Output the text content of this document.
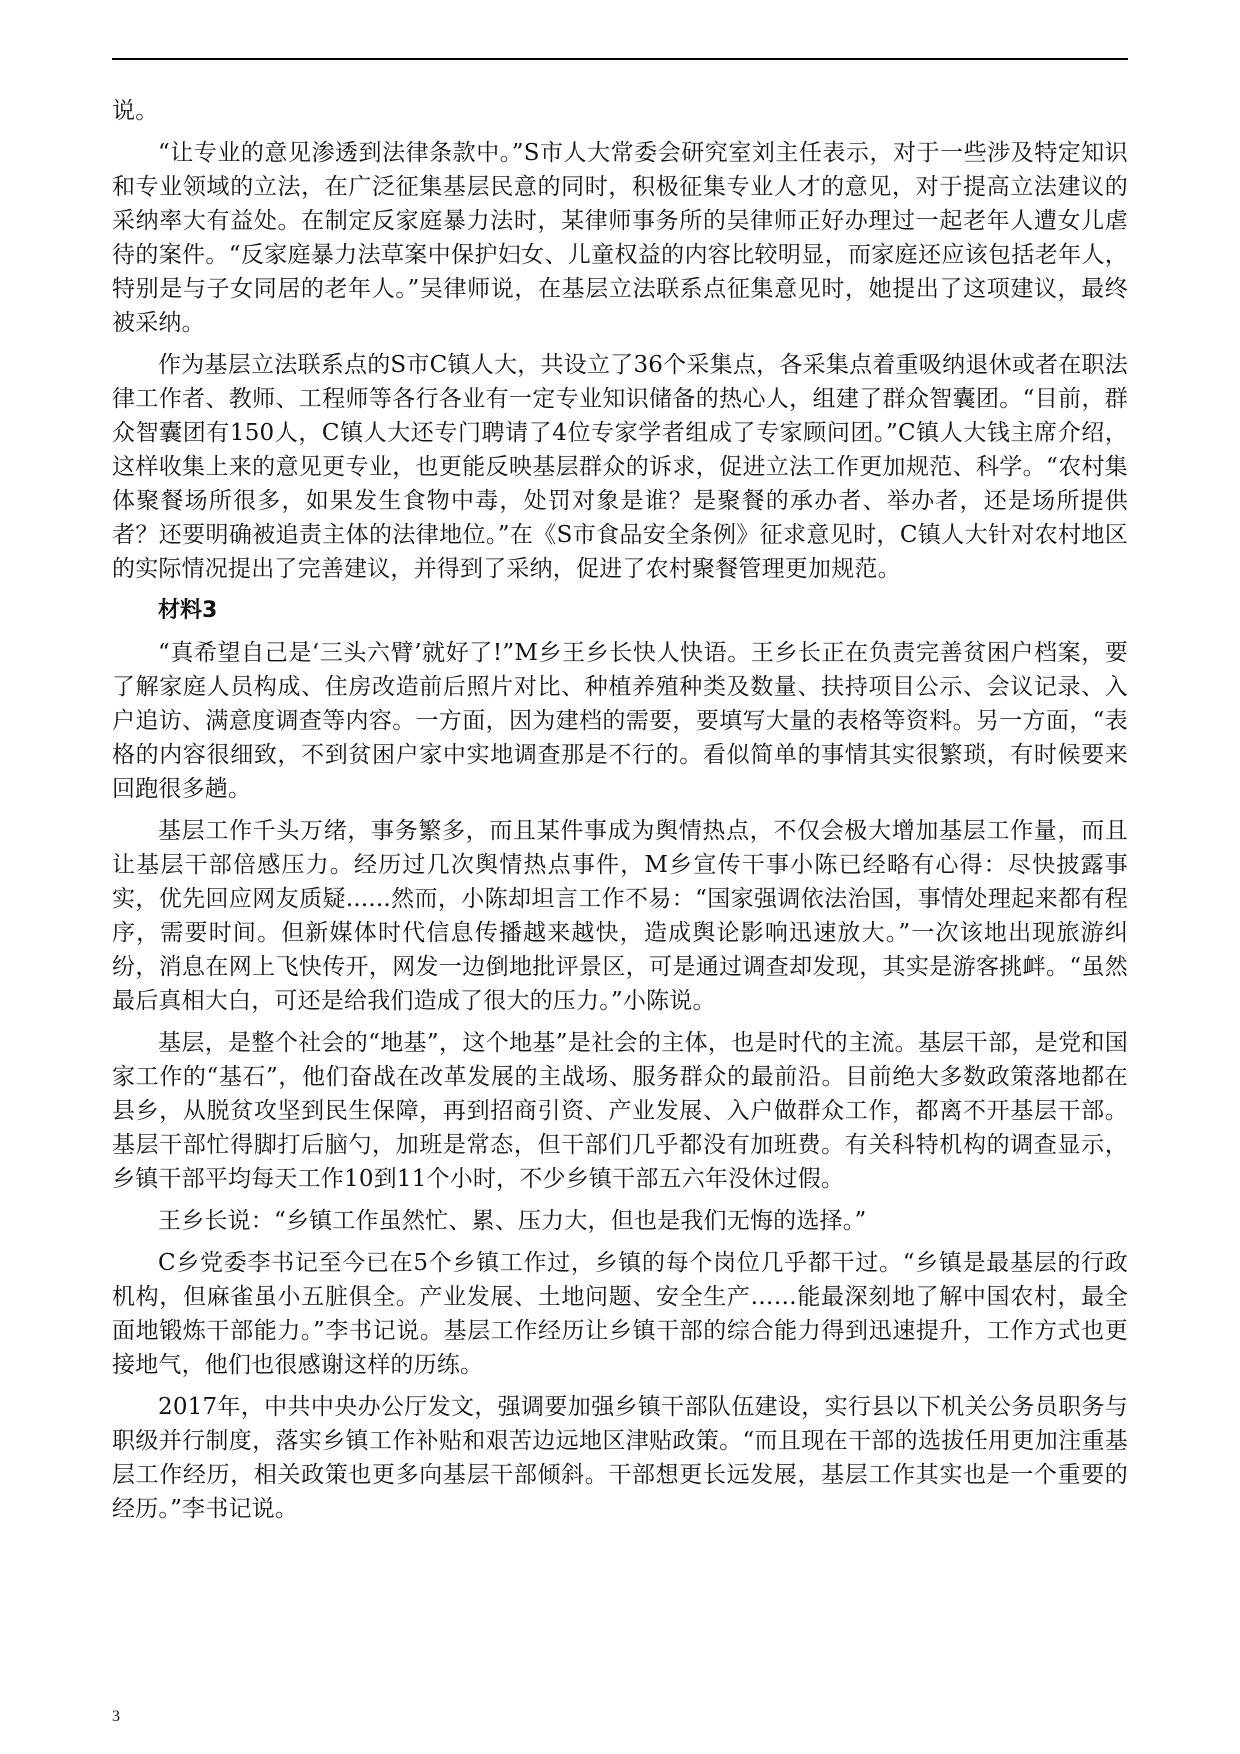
说。

“让专业的意见渗透到法律条款中。”S市人大常委会研究室刘主任表示，对于一些涉及特定知识和专业领域的立法，在广泛征集基层民意的同时，积极征集专业人才的意见，对于提高立法建议的采纳率大有益处。在制定反家庭暴力法时，某律师事务所的吴律师正好办理过一起老年人遭女儿虐待的案件。“反家庭暴力法草案中保护妇女、儿童权益的内容比较明显，而家庭还应该包括老年人，特别是与子女同居的老年人。”吴律师说，在基层立法联系点征集意见时，她提出了这项建议，最终被采纳。

作为基层立法联系点的S市C镇人大，共设立了36个采集点，各采集点着重吸纳退休或者在职法律工作者、教师、工程师等各行各业有一定专业知识储备的热心人，组建了群众智囊团。“目前，群众智囊团有150人，C镇人大还专门聘请了4位专家学者组成了专家顾问团。”C镇人大钱主席介绍，这样收集上来的意见更专业，也更能反映基层群众的诉求，促进立法工作更加规范、科学。“农村集体聚餐场所很多，如果发生食物中毒，处罚对象是谁？是聚餐的承办者、举办者，还是场所提供者？还要明确被追责主体的法律地位。”在《S市食品安全条例》征求意见时，C镇人大针对农村地区的实际情况提出了完善建议，并得到了采纳，促进了农村聚餐管理更加规范。

材料3

“真希望自己是‘三头六臂’就好了!”M乡王乡长快人快语。王乡长正在负责完善贫困户档案，要了解家庭人员构成、住房改造前后照片对比、种植养殖种类及数量、扶持项目公示、会议记录、入户追访、满意度调查等内容。一方面，因为建档的需要，要填写大量的表格等资料。另一方面，“表格的内容很细致，不到贫困户家中实地调查那是不行的。看似简单的事情其实很繁琐，有时候要来回跑很多趟。

基层工作千头万绪，事务繁多，而且某件事成为舆情热点，不仅会极大增加基层工作量，而且让基层干部倍感压力。经历过几次舆情热点事件，M乡宣传干事小陈已经略有心得：尽快披露事实，优先回应网友质疑......然而，小陈却坦言工作不易：“国家强调依法治国，事情处理起来都有程序，需要时间。但新媒体时代信息传播越来越快，造成舆论影响迅速放大。”一次该地出现旅游纠纷，消息在网上飞快传开，网发一边倒地批评景区，可是通过调查却发现，其实是游客挑衅。“虽然最后真相大白，可还是给我们造成了很大的压力。”小陈说。

基层，是整个社会的“地基”，这个地基”是社会的主体，也是时代的主流。基层干部，是党和国家工作的“基石”，他们奋战在改革发展的主战场、服务群众的最前沿。目前绝大多数政策落地都在县乡，从脱贫攻坚到民生保障，再到招商引资、产业发展、入户做群众工作，都离不开基层干部。基层干部忙得脚打后脑勺，加班是常态，但干部们几乎都没有加班费。有关科特机构的调查显示，乡镇干部平均每天工作10到11个小时，不少乡镇干部五六年没休过假。

王乡长说：“乡镇工作虽然忙、累、压力大，但也是我们无悔的选择。”

C乡党委李书记至今已在5个乡镇工作过，乡镇的每个岗位几乎都干过。“乡镇是最基层的行政机构，但麻雀虽小五脏俱全。产业发展、土地问题、安全生产……能最深刻地了解中国农村，最全面地锻炼干部能力。”李书记说。基层工作经历让乡镇干部的综合能力得到迅速提升，工作方式也更接地气，他们也很感谢这样的历练。

2017年，中共中央办公厅发文，强调要加强乡镇干部队伍建设，实行县以下机关公务员职务与职级并行制度，落实乡镇工作补贴和艰苦边远地区津贴政策。“而且现在干部的选拔任用更加注重基层工作经历，相关政策也更多向基层干部倾斜。干部想更长远发展，基层工作其实也是一个重要的经历。”李书记说。

3
